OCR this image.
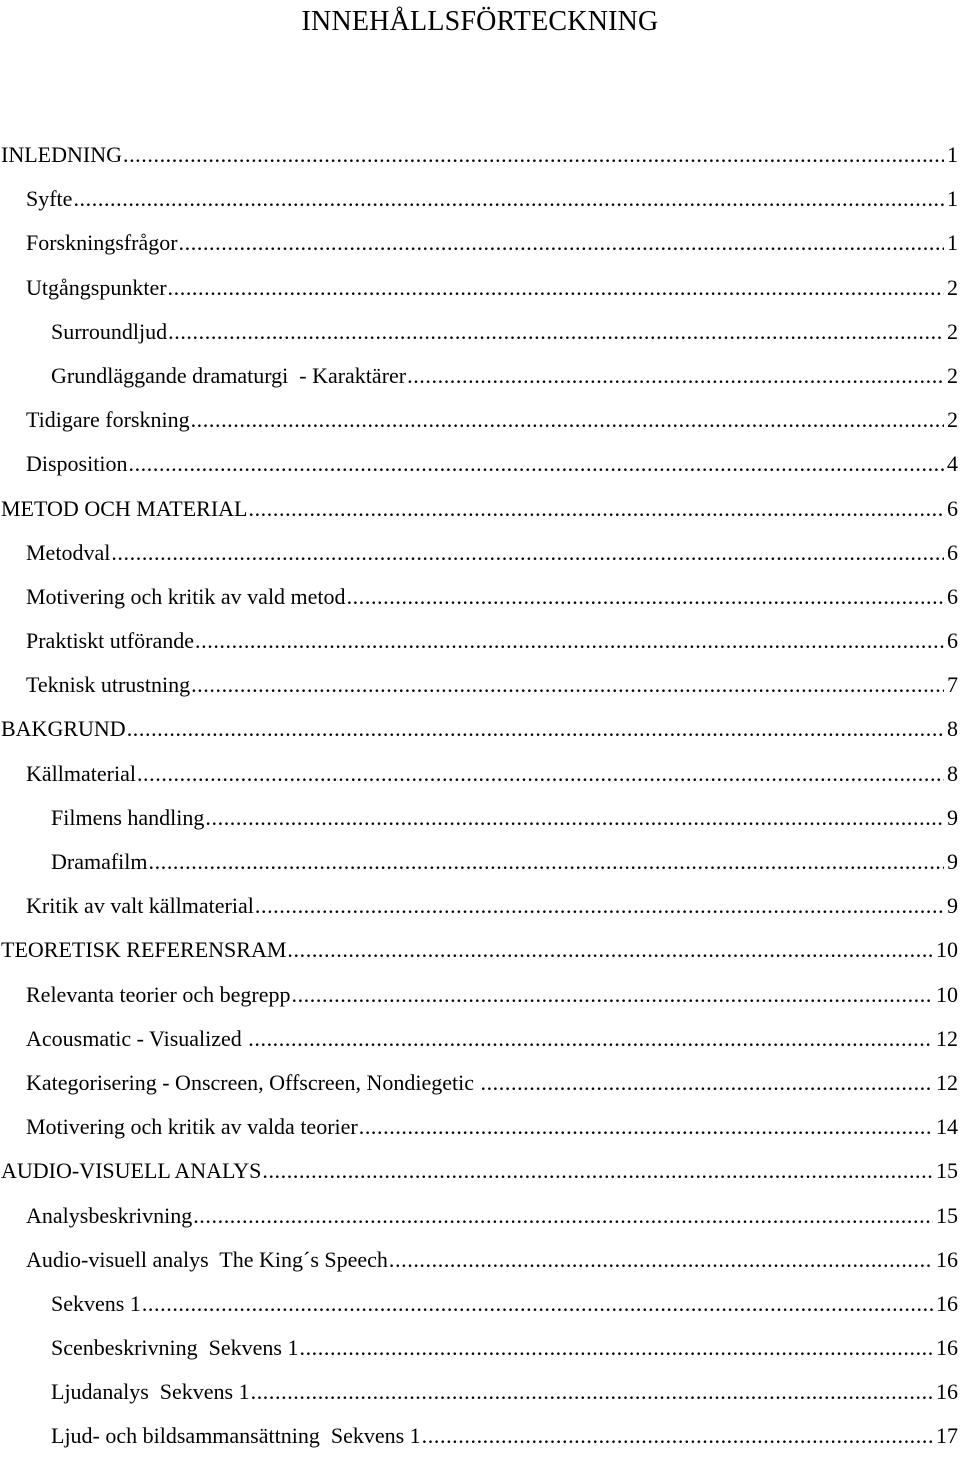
INNEHÅLLSFÖRTECKNING
INLEDNING .....	1
Syfte .....	1
Forskningsfrågor .....	1
Utgångspunkter .....	2
Surroundljud .....	2
Grundläggande dramaturgi  - Karaktärer .....	2
Tidigare forskning .....	2
Disposition .....	4
METOD OCH MATERIAL .....	6
Metodval .....	6
Motivering och kritik av vald metod .....	6
Praktiskt utförande .....	6
Teknisk utrustning .....	7
BAKGRUND .....	8
Källmaterial .....	8
Filmens handling .....	9
Dramafilm .....	9
Kritik av valt källmaterial .....	9
TEORETISK REFERENSRAM .....	10
Relevanta teorier och begrepp .....	10
Acousmatic - Visualized .....	12
Kategorisering - Onscreen, Offscreen, Nondiegetic .....	12
Motivering och kritik av valda teorier .....	14
AUDIO-VISUELL ANALYS .....	15
Analysbeskrivning .....	15
Audio-visuell analys  The King´s Speech .....	16
Sekvens 1 .....	16
Scenbeskrivning  Sekvens 1 .....	16
Ljudanalys  Sekvens 1 .....	16
Ljud- och bildsammansättning  Sekvens 1 .....	17
